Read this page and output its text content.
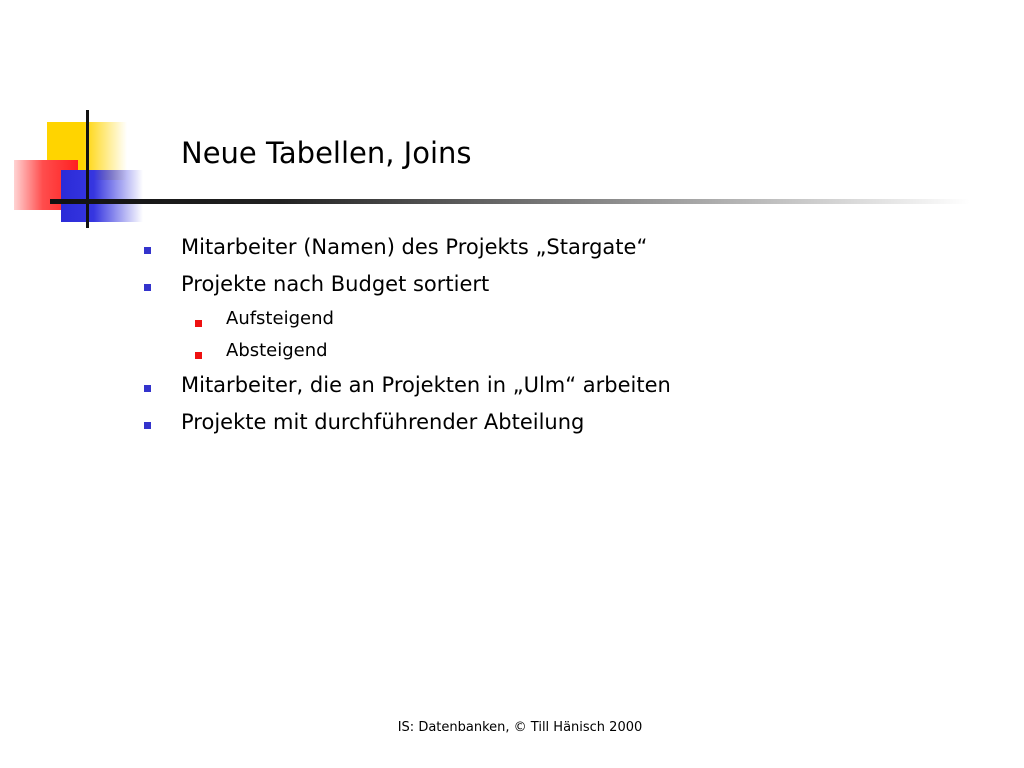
Neue Tabellen, Joins
Mitarbeiter (Namen) des Projekts „Stargate“
Projekte nach Budget sortiert
Aufsteigend
Absteigend
Mitarbeiter, die an Projekten in „Ulm“ arbeiten
Projekte mit durchführender Abteilung
IS: Datenbanken, © Till Hänisch 2000
